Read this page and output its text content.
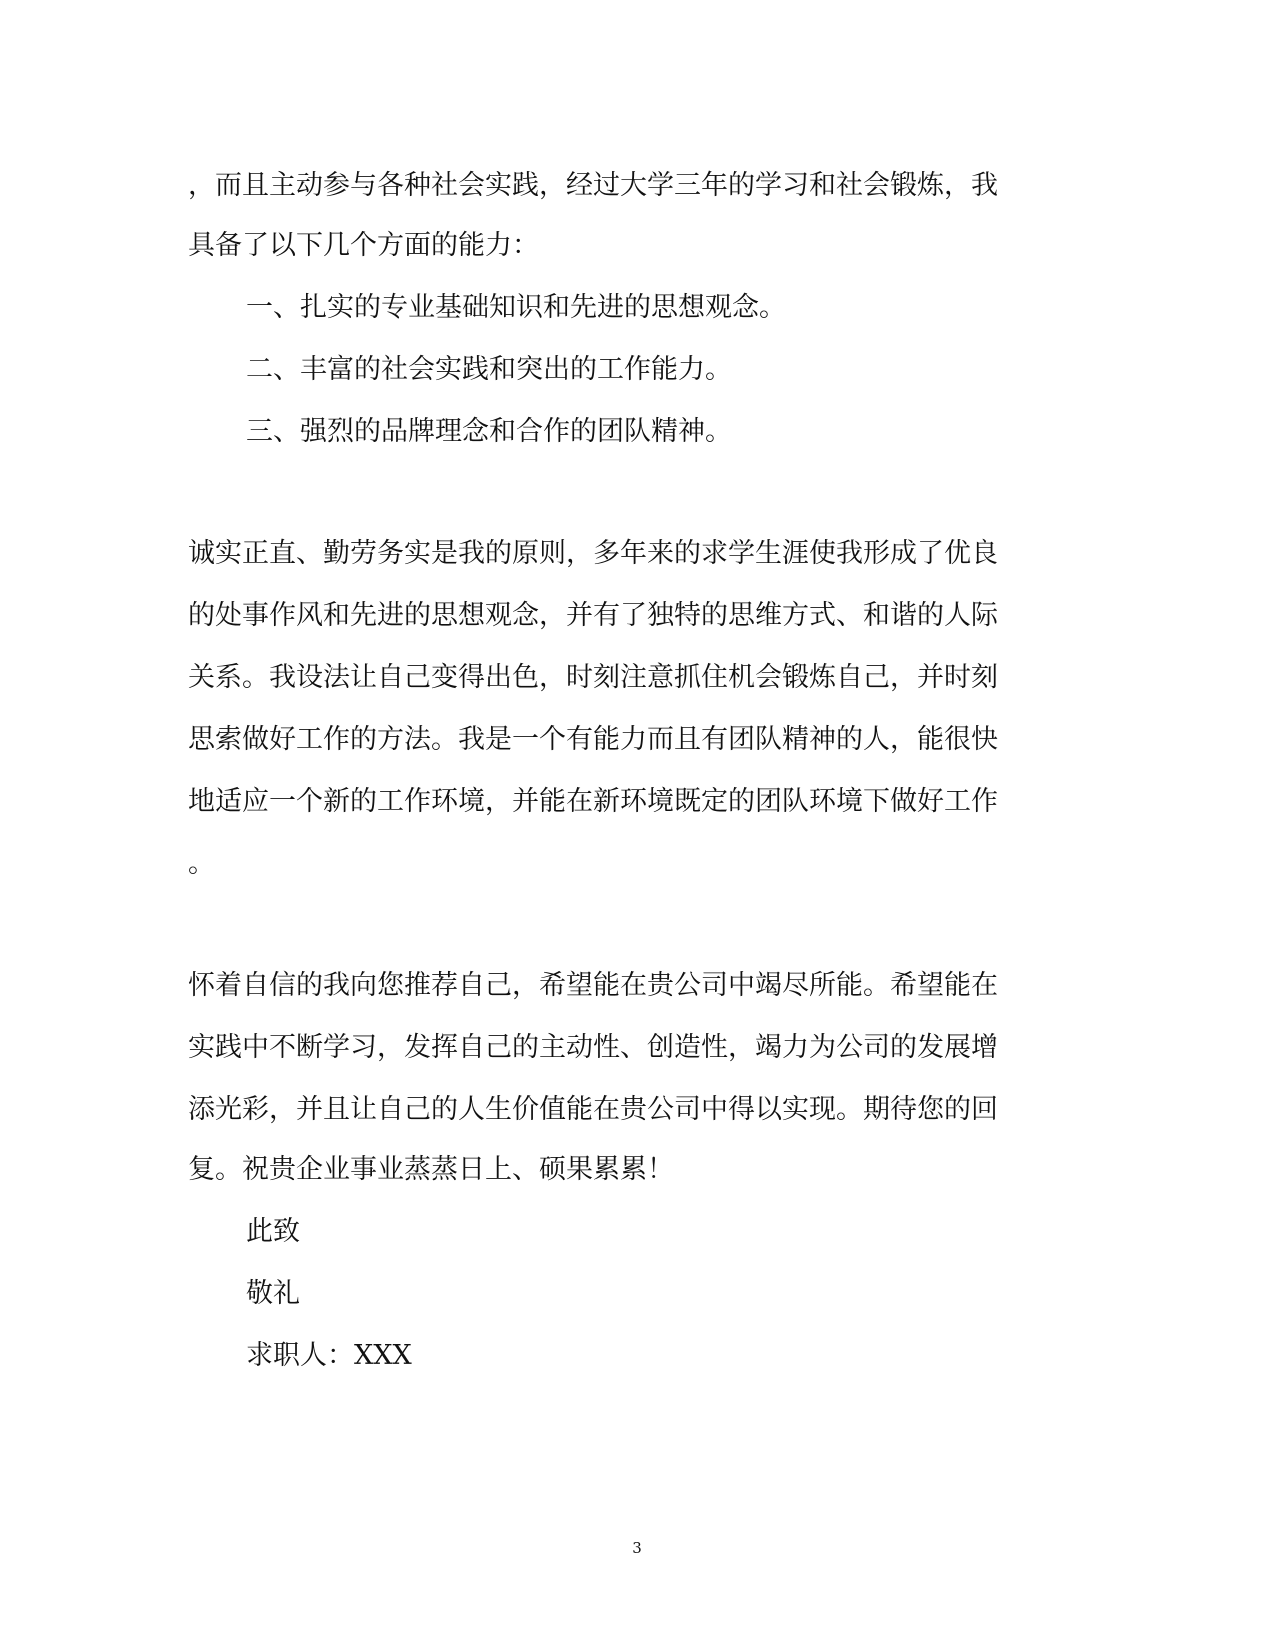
，而且主动参与各种社会实践，经过大学三年的学习和社会锻炼，我
具备了以下几个方面的能力：
一、扎实的专业基础知识和先进的思想观念。
二、丰富的社会实践和突出的工作能力。
三、强烈的品牌理念和合作的团队精神。
诚实正直、勤劳务实是我的原则，多年来的求学生涯使我形成了优良
的处事作风和先进的思想观念，并有了独特的思维方式、和谐的人际
关系。我设法让自己变得出色，时刻注意抓住机会锻炼自己，并时刻
思索做好工作的方法。我是一个有能力而且有团队精神的人，能很快
地适应一个新的工作环境，并能在新环境既定的团队环境下做好工作
。
怀着自信的我向您推荐自己，希望能在贵公司中竭尽所能。希望能在
实践中不断学习，发挥自己的主动性、创造性，竭力为公司的发展增
添光彩，并且让自己的人生价值能在贵公司中得以实现。期待您的回
复。祝贵企业事业蒸蒸日上、硕果累累！
此致
敬礼
求职人：XXX
3
